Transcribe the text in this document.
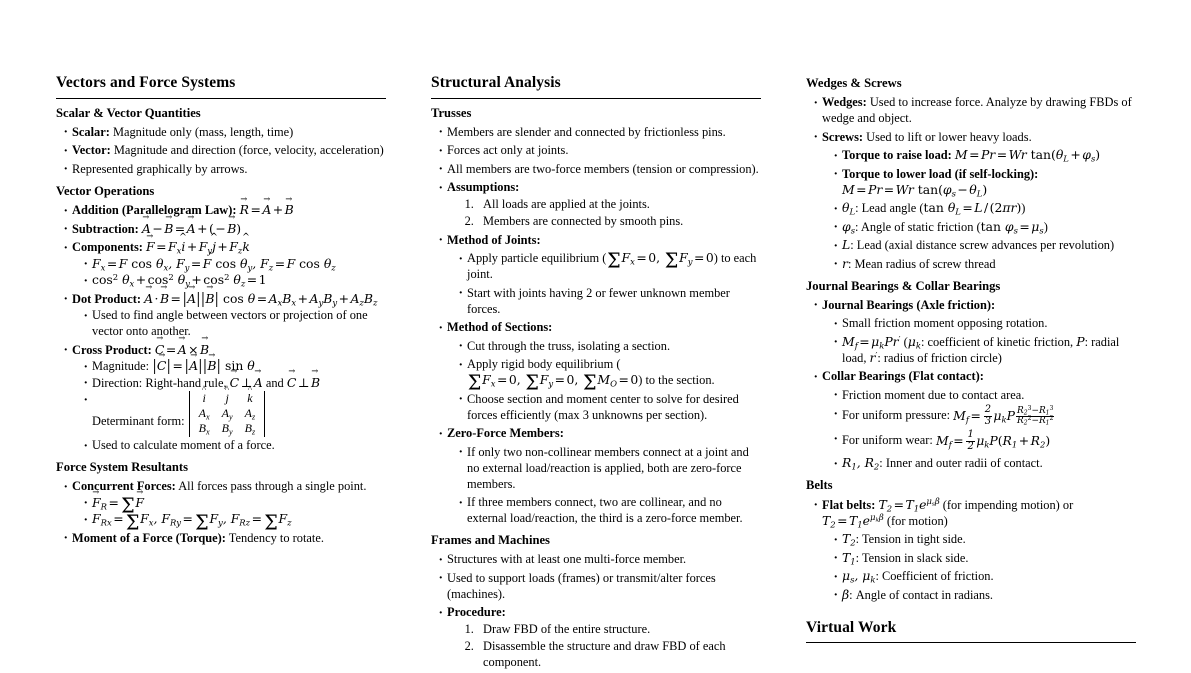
Vectors and Force Systems
Scalar & Vector Quantities
· Scalar: Magnitude only (mass, length, time)
· Vector: Magnitude and direction (force, velocity, acceleration)
· Represented graphically by arrows.
Vector Operations
· Addition (Parallelogram Law): R →=A →+B →
· Subtraction: A →−B →=A →+(−B →)
· Components: $F \to=F_xi$ $\^{}+F_yj$ $\^{}+F_zk$ ^
· $F_x=F$ $\cos \theta_x$, $F_y=F$ $\cos \theta_y$, $F_z=F$ $\cos \theta_z$
· $\cos^2 \theta_x+\cos^2$ $\theta_y+\cos^2$ $\theta_z=1$
· Dot Product: A →·B →= |A →||B →| $\cos \theta=A_xB_x+A_yB_y+A_zB_z$
· Used to find angle between vectors or projection of one vector onto another.
· Cross Product: C →=A →×B →
· Magnitude: |C →| = |A →||B →| sin θ
· Direction: Right-hand rule, C →⊥A → and C →⊥B →
· Determinant form:
i ^	j ^	k ^
$A_x$	$A_y$	$A_z$
$B_x$	$B_y$	$B_z$
· Used to calculate moment of a force.
Force System Resultants
· Concurrent Forces: All forces pass through a single point.
· $F \to_R= \Sigma F$ →
· $F_{Rx}= \Sigma F_x$, $F_{Ry}= \Sigma F_y$, $F_{Rz}= \Sigma F_z$
· Moment of a Force (Torque): Tendency to rotate.
Structural Analysis
Trusses
· Members are slender and connected by frictionless pins.
· Forces act only at joints.
· All members are two-force members (tension or compression).
· Assumptions:
1. All loads are applied at the joints.
2. Members are connected by smooth pins.
· Method of Joints:
· Apply particle equilibrium ($\Sigma F_x=0$, $\Sigma F_y=0$) to each joint.
· Start with joints having 2 or fewer unknown member forces.
· Method of Sections:
· Cut through the truss, isolating a section.
· Apply rigid body equilibrium ($\Sigma F_x=0$, $\Sigma F_y=0$, $\Sigma M_O=0$) to the section.
· Choose section and moment center to solve for desired forces efficiently (max 3 unknowns per section).
· Zero-Force Members:
· If only two non-collinear members connect at a joint and no external load/reaction is applied, both are zero-force members.
· If three members connect, two are collinear, and no external load/reaction, the third is a zero-force member.
Frames and Machines
· Structures with at least one multi-force member.
· Used to support loads (frames) or transmit/alter forces (machines).
· Procedure:
1. Draw FBD of the entire structure.
2. Disassemble the structure and draw FBD of each component.
Wedges & Screws
· Wedges: Used to increase force. Analyze by drawing FBDs of wedge and object.
· Screws: Used to lift or lower heavy loads.
· Torque to raise load: M=Pr=Wr $\tan(\theta_L+\varphi_s)$
· Torque to lower load (if self-locking): M=Pr=Wr $\tan(\varphi_s-\theta_L)$
· $\theta_L$: Lead angle (tan $\theta_L=L/(2\pi r)$)
· $\varphi_s$: Angle of static friction (tan $\varphi_s=\mu_s$)
· L: Lead (axial distance screw advances per revolution)
· r: Mean radius of screw thread
Journal Bearings & Collar Bearings
· Journal Bearings (Axle friction):
· Small friction moment opposing rotation.
· $M_f=\mu_kPr'$ ($\mu_k$: coefficient of kinetic friction, P: radial load, r′: radius of friction circle)
· Collar Bearings (Flat contact):
· Friction moment due to contact area.
· For uniform pressure: $M_f= \frac{2}{3} \mu_kP \frac{R_2^3-R_1^3}{R_2^2-R_1^2}$
· For uniform wear: $M_f= \frac{1}{2} \mu_kP(R_1+R_2)$
· $R_1$, $R_2$: Inner and outer radii of contact.
Belts
· Flat belts: $T_2=T_1e^{\mu_s\beta}$ (for impending motion) or $T_2=T_1e^{\mu_k\beta}$ (for motion)
· $T_2$: Tension in tight side.
· $T_1$: Tension in slack side.
· $\mu_s$, $\mu_k$: Coefficient of friction.
· β: Angle of contact in radians.
Virtual Work
